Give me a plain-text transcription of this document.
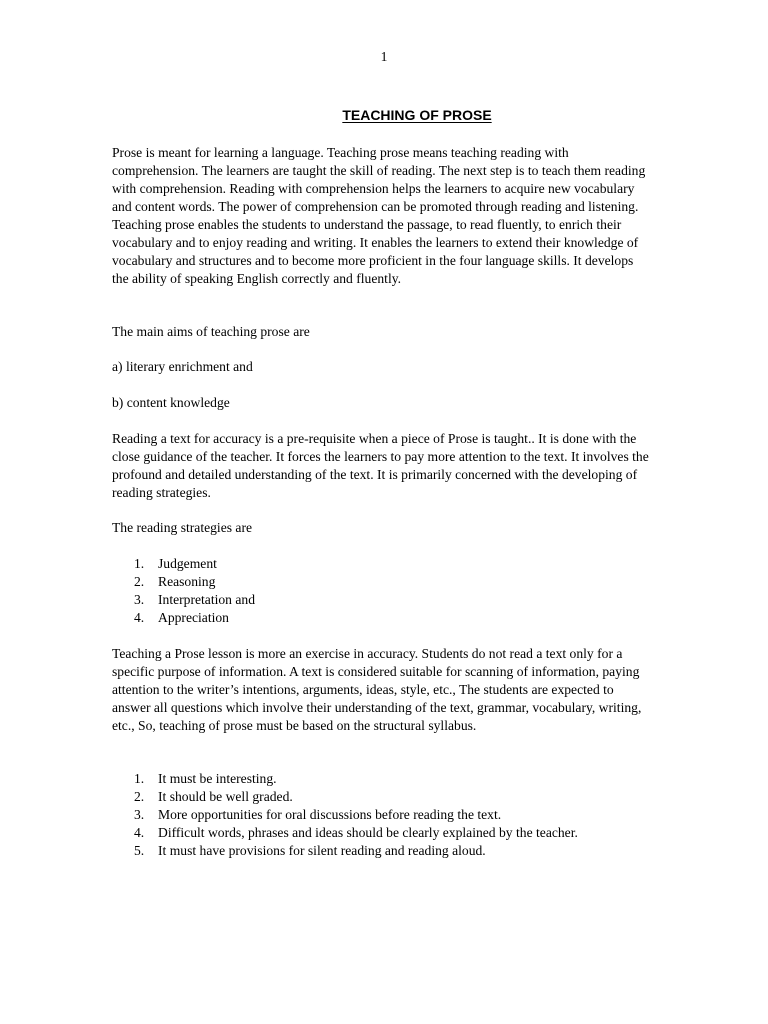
1
TEACHING OF PROSE

Prose is meant for learning a language. Teaching prose means teaching reading with comprehension. The learners are taught the skill of reading. The next step is to teach them reading with comprehension. Reading with comprehension helps the learners to acquire new vocabulary and content words. The power of comprehension can be promoted through reading and listening. Teaching prose enables the students to understand the passage, to read fluently, to enrich their vocabulary and to enjoy reading and writing. It enables the learners to extend their knowledge of vocabulary and structures and to become more proficient in the four language skills. It develops the ability of speaking English correctly and fluently.

The main aims of teaching prose are

a) literary enrichment and

b) content knowledge

Reading a text for accuracy is a pre-requisite when a piece of Prose is taught.. It is done with the close guidance of the teacher. It forces the learners to pay more attention to the text. It involves the profound and detailed understanding of the text. It is primarily concerned with the developing of reading strategies.

The reading strategies are

1.	Judgement
2.	Reasoning
3.	Interpretation and
4.	Appreciation

Teaching a Prose lesson is more an exercise in accuracy. Students do not read a text only for a specific purpose of information. A text is considered suitable for scanning of information, paying attention to the writer’s intentions, arguments, ideas, style, etc., The students are expected to answer all questions which involve their understanding of the text, grammar, vocabulary, writing, etc., So, teaching of prose must be based on the structural syllabus.

1.	It must be interesting.
2.	It should be well graded.
3.	More opportunities for oral discussions before reading the text.
4.	Difficult words, phrases and ideas should be clearly explained by the teacher.
5.	It must have provisions for silent reading and reading aloud.
